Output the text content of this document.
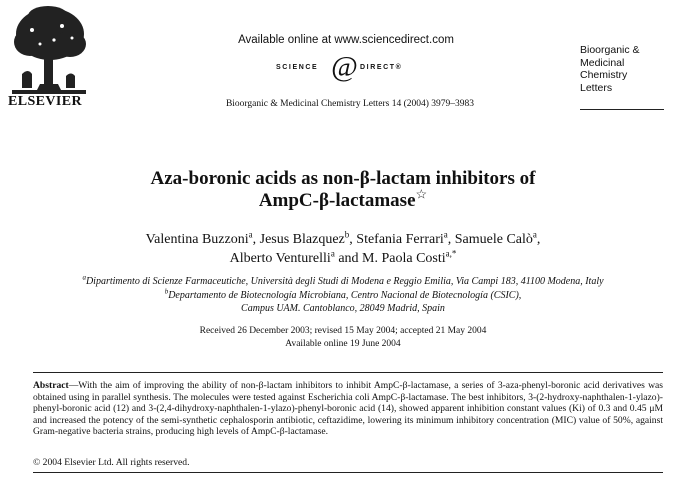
ELSEVIER
Available online at www.sciencedirect.com
SCIENCE @ DIRECT®
Bioorganic & Medicinal Chemistry Letters 14 (2004) 3979–3983
Bioorganic &
Medicinal
Chemistry
Letters
Aza-boronic acids as non-β-lactam inhibitors of
AmpC-β-lactamase☆
Valentina Buzzoni$^a$, Jesus Blazquez$^b$, Stefania Ferrari$^a$, Samuele Calò$^a$,
Alberto Venturelli$^a$ and M. Paola Costi$^{a,*}$
$^a$Dipartimento di Scienze Farmaceutiche, Università degli Studi di Modena e Reggio Emilia, Via Campi 183, 41100 Modena, Italy
$^b$Departamento de Biotecnología Microbiana, Centro Nacional de Biotecnología (CSIC),
Campus UAM. Cantoblanco, 28049 Madrid, Spain
Received 26 December 2003; revised 15 May 2004; accepted 21 May 2004
Available online 19 June 2004
Abstract—With the aim of improving the ability of non-β-lactam inhibitors to inhibit AmpC-β-lactamase, a series of 3-aza-phenyl-boronic acid derivatives was obtained using in parallel synthesis. The molecules were tested against Escherichia coli AmpC-β-lactamase. The best inhibitors, 3-(2-hydroxy-naphthalen-1-ylazo)-phenyl-boronic acid (12) and 3-(2,4-dihydroxy-naphthalen-1-ylazo)-phenyl-boronic acid (14), showed apparent inhibition constant values (Ki) of 0.3 and 0.45 μM and increased the potency of the semi-synthetic cephalosporin antibiotic, ceftazidime, lowering its minimum inhibitory concentration (MIC) value of 50%, against Gram-negative bacteria strains, producing high levels of AmpC-β-lactamase.
© 2004 Elsevier Ltd. All rights reserved.
